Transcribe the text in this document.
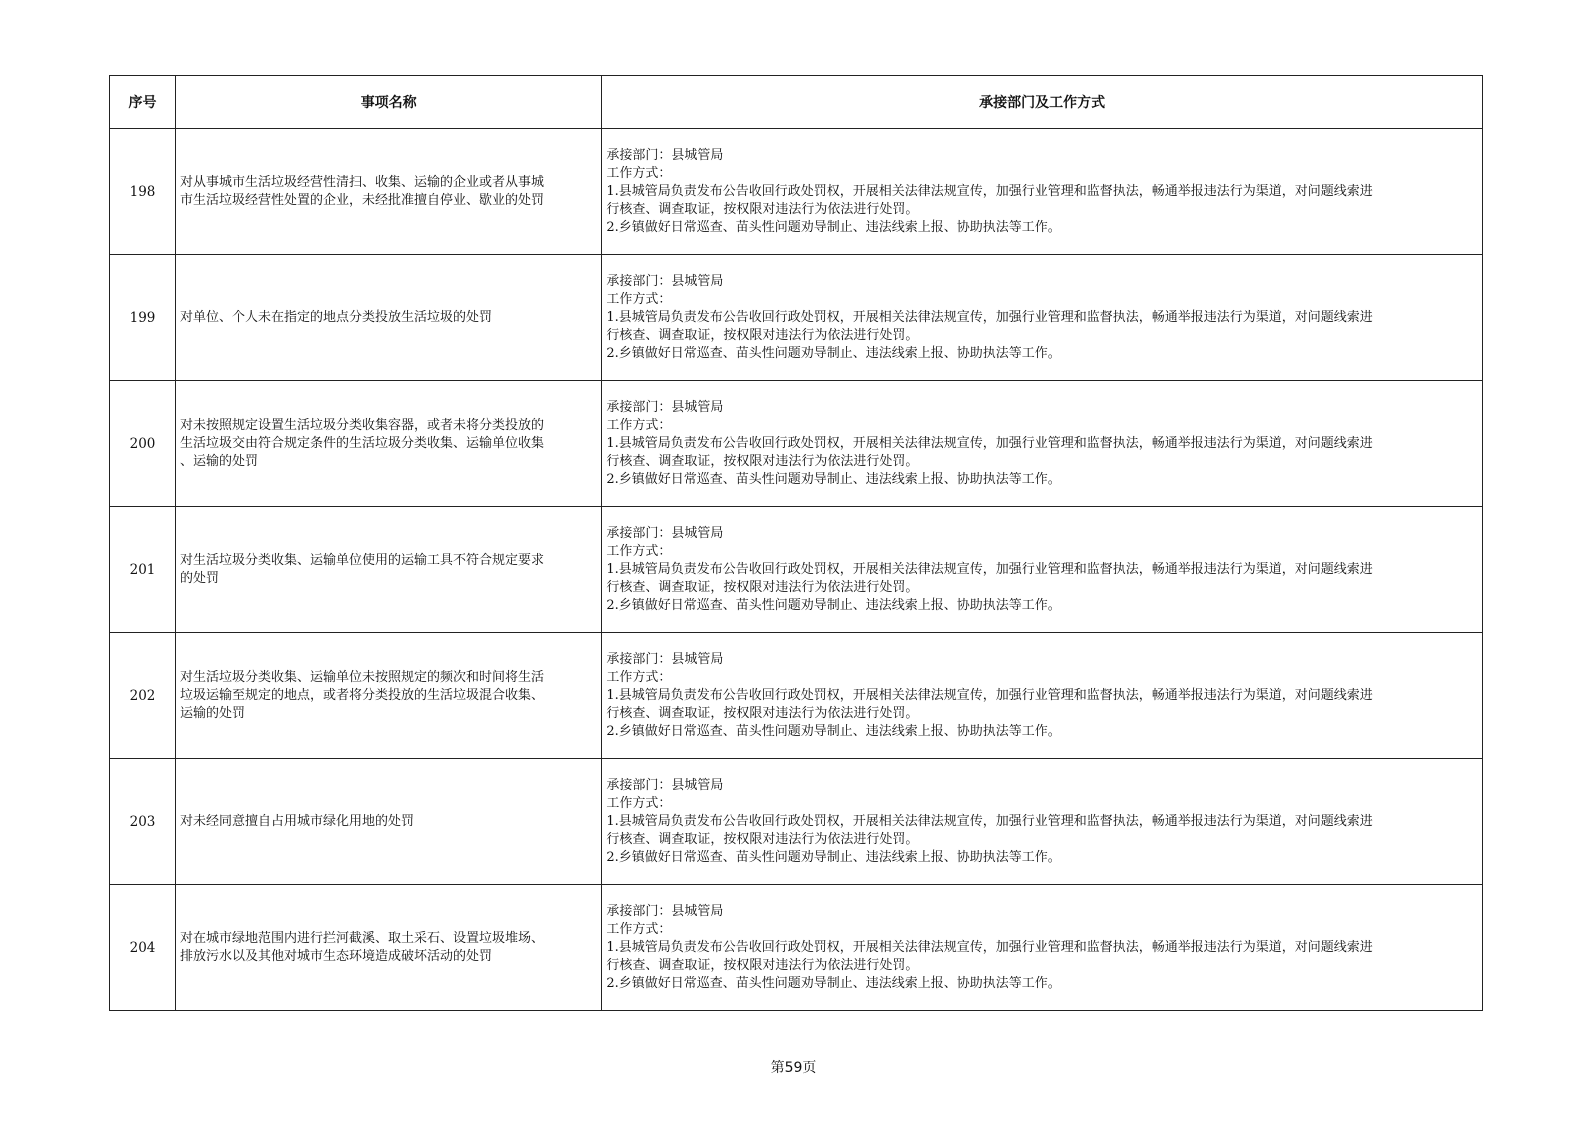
序号	事项名称	承接部门及工作方式
198	对从事城市生活垃圾经营性清扫、收集、运输的企业或者从事城
市生活垃圾经营性处置的企业，未经批准擅自停业、歇业的处罚	承接部门：县城管局
工作方式：
1.县城管局负责发布公告收回行政处罚权，开展相关法律法规宣传，加强行业管理和监督执法，畅通举报违法行为渠道，对问题线索进
行核查、调查取证，按权限对违法行为依法进行处罚。
2.乡镇做好日常巡查、苗头性问题劝导制止、违法线索上报、协助执法等工作。

199	对单位、个人未在指定的地点分类投放生活垃圾的处罚	承接部门：县城管局
工作方式：
1.县城管局负责发布公告收回行政处罚权，开展相关法律法规宣传，加强行业管理和监督执法，畅通举报违法行为渠道，对问题线索进
行核查、调查取证，按权限对违法行为依法进行处罚。
2.乡镇做好日常巡查、苗头性问题劝导制止、违法线索上报、协助执法等工作。

200	对未按照规定设置生活垃圾分类收集容器，或者未将分类投放的
生活垃圾交由符合规定条件的生活垃圾分类收集、运输单位收集
、运输的处罚	承接部门：县城管局
工作方式：
1.县城管局负责发布公告收回行政处罚权，开展相关法律法规宣传，加强行业管理和监督执法，畅通举报违法行为渠道，对问题线索进
行核查、调查取证，按权限对违法行为依法进行处罚。
2.乡镇做好日常巡查、苗头性问题劝导制止、违法线索上报、协助执法等工作。

201	对生活垃圾分类收集、运输单位使用的运输工具不符合规定要求
的处罚	承接部门：县城管局
工作方式：
1.县城管局负责发布公告收回行政处罚权，开展相关法律法规宣传，加强行业管理和监督执法，畅通举报违法行为渠道，对问题线索进
行核查、调查取证，按权限对违法行为依法进行处罚。
2.乡镇做好日常巡查、苗头性问题劝导制止、违法线索上报、协助执法等工作。

202	对生活垃圾分类收集、运输单位未按照规定的频次和时间将生活
垃圾运输至规定的地点，或者将分类投放的生活垃圾混合收集、
运输的处罚	承接部门：县城管局
工作方式：
1.县城管局负责发布公告收回行政处罚权，开展相关法律法规宣传，加强行业管理和监督执法，畅通举报违法行为渠道，对问题线索进
行核查、调查取证，按权限对违法行为依法进行处罚。
2.乡镇做好日常巡查、苗头性问题劝导制止、违法线索上报、协助执法等工作。

203	对未经同意擅自占用城市绿化用地的处罚	承接部门：县城管局
工作方式：
1.县城管局负责发布公告收回行政处罚权，开展相关法律法规宣传，加强行业管理和监督执法，畅通举报违法行为渠道，对问题线索进
行核查、调查取证，按权限对违法行为依法进行处罚。
2.乡镇做好日常巡查、苗头性问题劝导制止、违法线索上报、协助执法等工作。

204	对在城市绿地范围内进行拦河截溪、取土采石、设置垃圾堆场、
排放污水以及其他对城市生态环境造成破坏活动的处罚	承接部门：县城管局
工作方式：
1.县城管局负责发布公告收回行政处罚权，开展相关法律法规宣传，加强行业管理和监督执法，畅通举报违法行为渠道，对问题线索进
行核查、调查取证，按权限对违法行为依法进行处罚。
2.乡镇做好日常巡查、苗头性问题劝导制止、违法线索上报、协助执法等工作。
第59页
